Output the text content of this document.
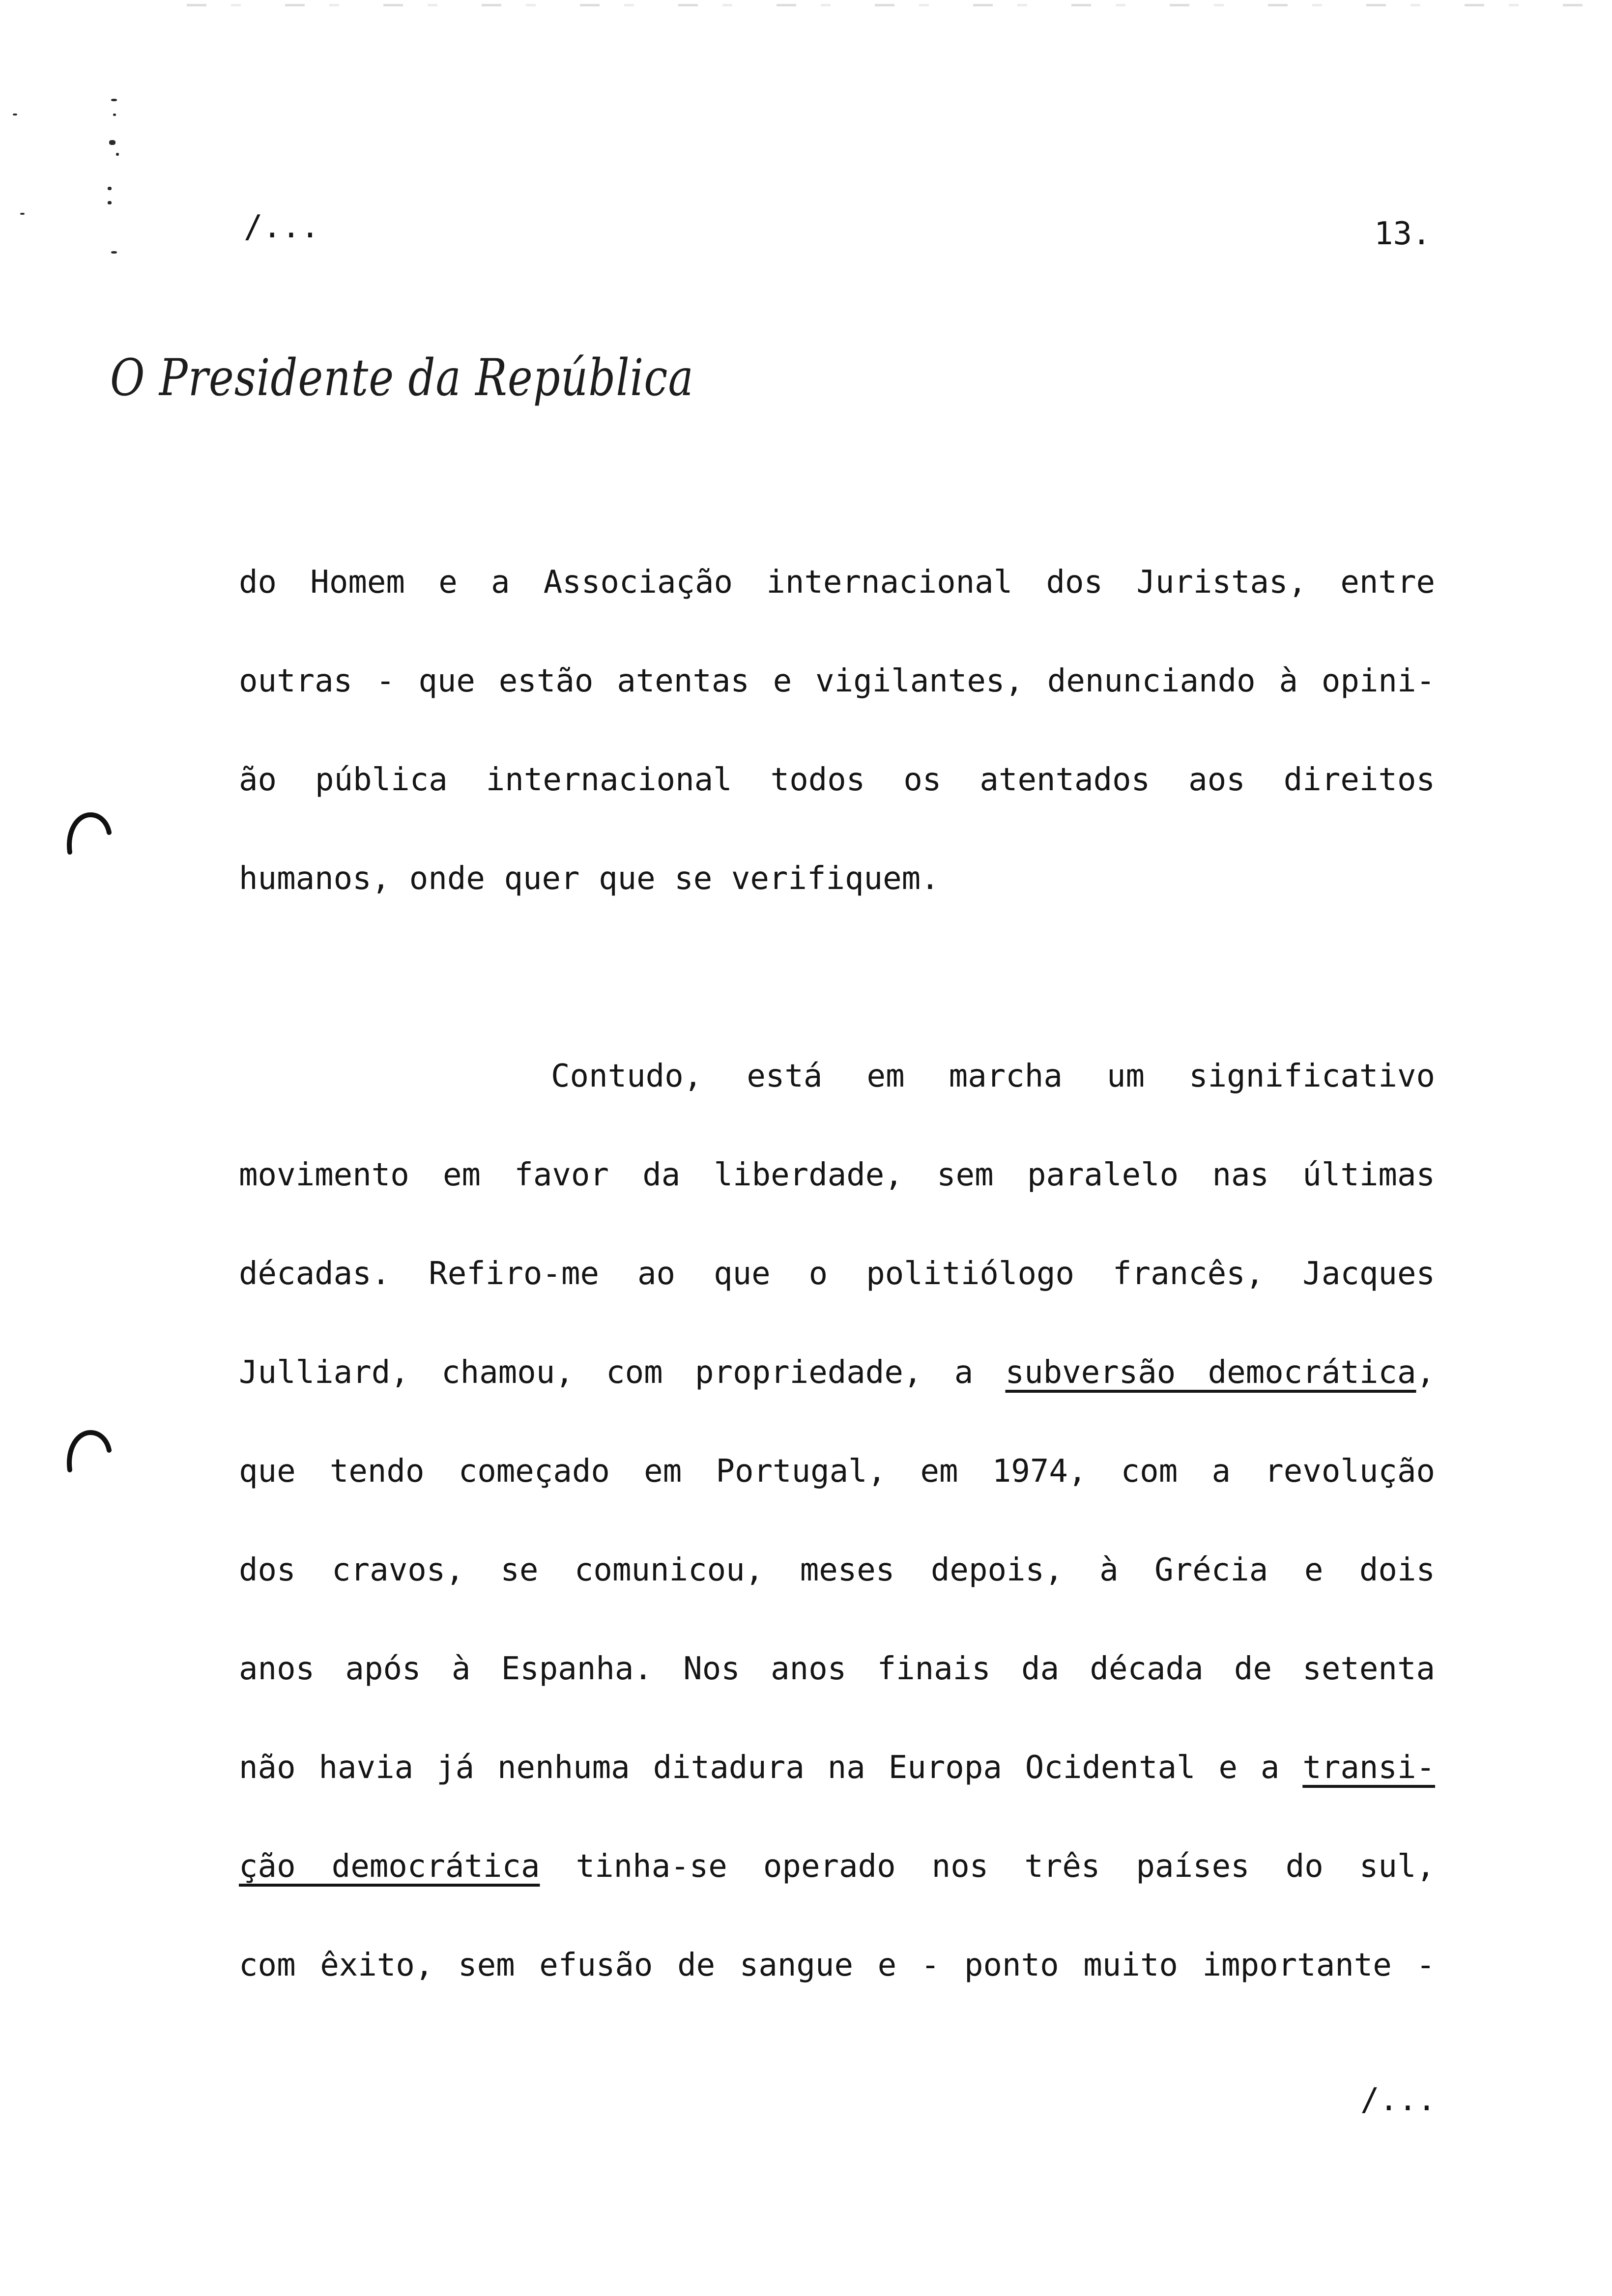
/...	13.
O Presidente da República
do Homem e a Associação internacional dos Juristas, entre
outras - que estão atentas e vigilantes, denunciando à opini-
ão pública internacional todos os atentados aos direitos
humanos, onde quer que se verifiquem.
Contudo, está em marcha um significativo
movimento em favor da liberdade, sem paralelo nas últimas
décadas. Refiro-me ao que o politiólogo francês, Jacques
Julliard, chamou, com propriedade, a subversão democrática,
que tendo começado em Portugal, em 1974, com a revolução
dos cravos, se comunicou, meses depois, à Grécia e dois
anos após à Espanha. Nos anos finais da década de setenta
não havia já nenhuma ditadura na Europa Ocidental e a transi-
ção democrática tinha-se operado nos três países do sul,
com êxito, sem efusão de sangue e - ponto muito importante -
/...
